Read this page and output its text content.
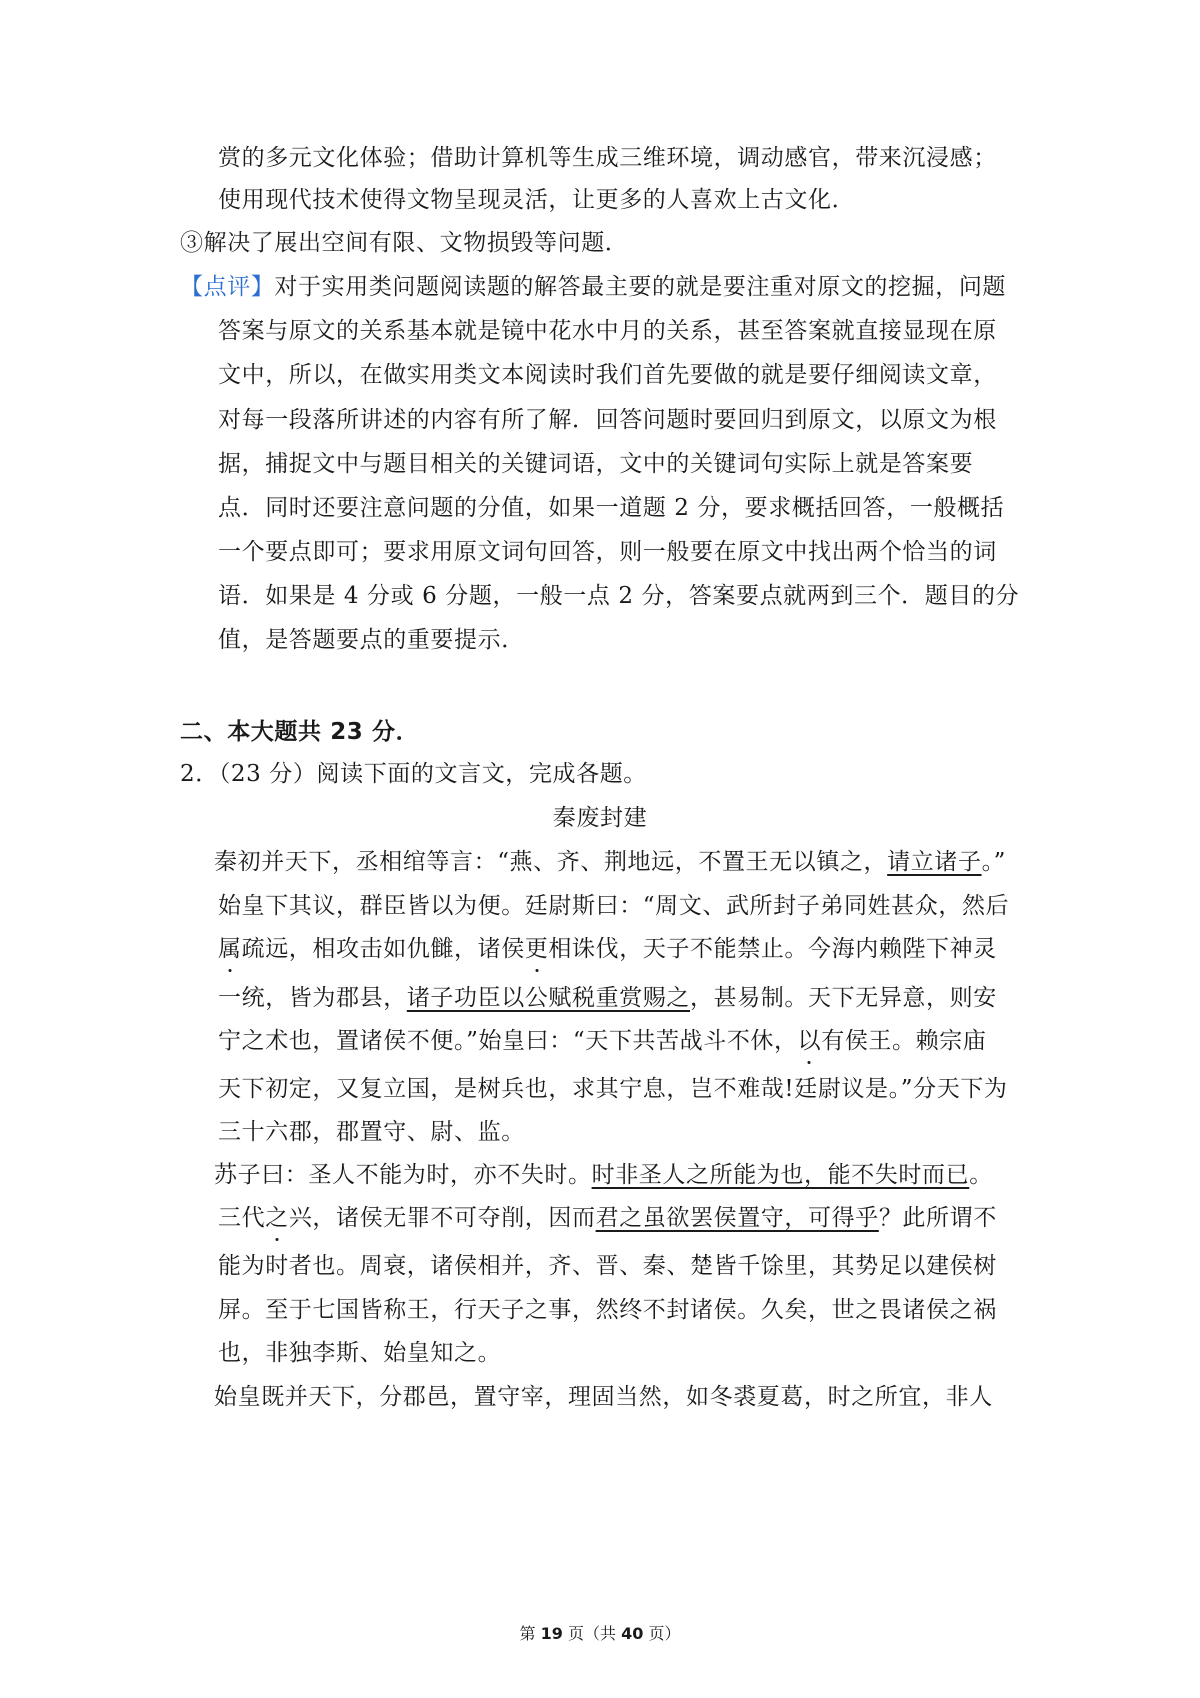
赏的多元文化体验；借助计算机等生成三维环境，调动感官，带来沉浸感；
使用现代技术使得文物呈现灵活，让更多的人喜欢上古文化．
③解决了展出空间有限、文物损毁等问题．
【点评】对于实用类问题阅读题的解答最主要的就是要注重对原文的挖掘，问题
答案与原文的关系基本就是镜中花水中月的关系，甚至答案就直接显现在原
文中，所以，在做实用类文本阅读时我们首先要做的就是要仔细阅读文章，
对每一段落所讲述的内容有所了解．回答问题时要回归到原文，以原文为根
据，捕捉文中与题目相关的关键词语，文中的关键词句实际上就是答案要
点．同时还要注意问题的分值，如果一道题 2 分，要求概括回答，一般概括
一个要点即可；要求用原文词句回答，则一般要在原文中找出两个恰当的词
语．如果是 4 分或 6 分题，一般一点 2 分，答案要点就两到三个．题目的分
值，是答题要点的重要提示．
二、本大题共 23 分．
2．（23 分）阅读下面的文言文，完成各题。
秦废封建
秦初并天下，丞相绾等言：“燕、齐、荆地远，不置王无以镇之，请立诸子。”
始皇下其议，群臣皆以为便。廷尉斯曰：“周文、武所封子弟同姓甚众，然后
属疏远，相攻击如仇雠，诸侯更相诛伐，天子不能禁止。今海内赖陛下神灵
一统，皆为郡县，诸子功臣以公赋税重赏赐之，甚易制。天下无异意，则安
宁之术也，置诸侯不便。”始皇曰：“天下共苦战斗不休，以有侯王。赖宗庙
天下初定，又复立国，是树兵也，求其宁息，岂不难哉!廷尉议是。”分天下为
三十六郡，郡置守、尉、监。
苏子曰：圣人不能为时，亦不失时。时非圣人之所能为也，能不失时而已。
三代之兴，诸侯无罪不可夺削，因而君之虽欲罢侯置守，可得乎？此所谓不
能为时者也。周衰，诸侯相并，齐、晋、秦、楚皆千馀里，其势足以建侯树
屏。至于七国皆称王，行天子之事，然终不封诸侯。久矣，世之畏诸侯之祸
也，非独李斯、始皇知之。
始皇既并天下，分郡邑，置守宰，理固当然，如冬裘夏葛，时之所宜，非人
第 19 页（共 40 页）
